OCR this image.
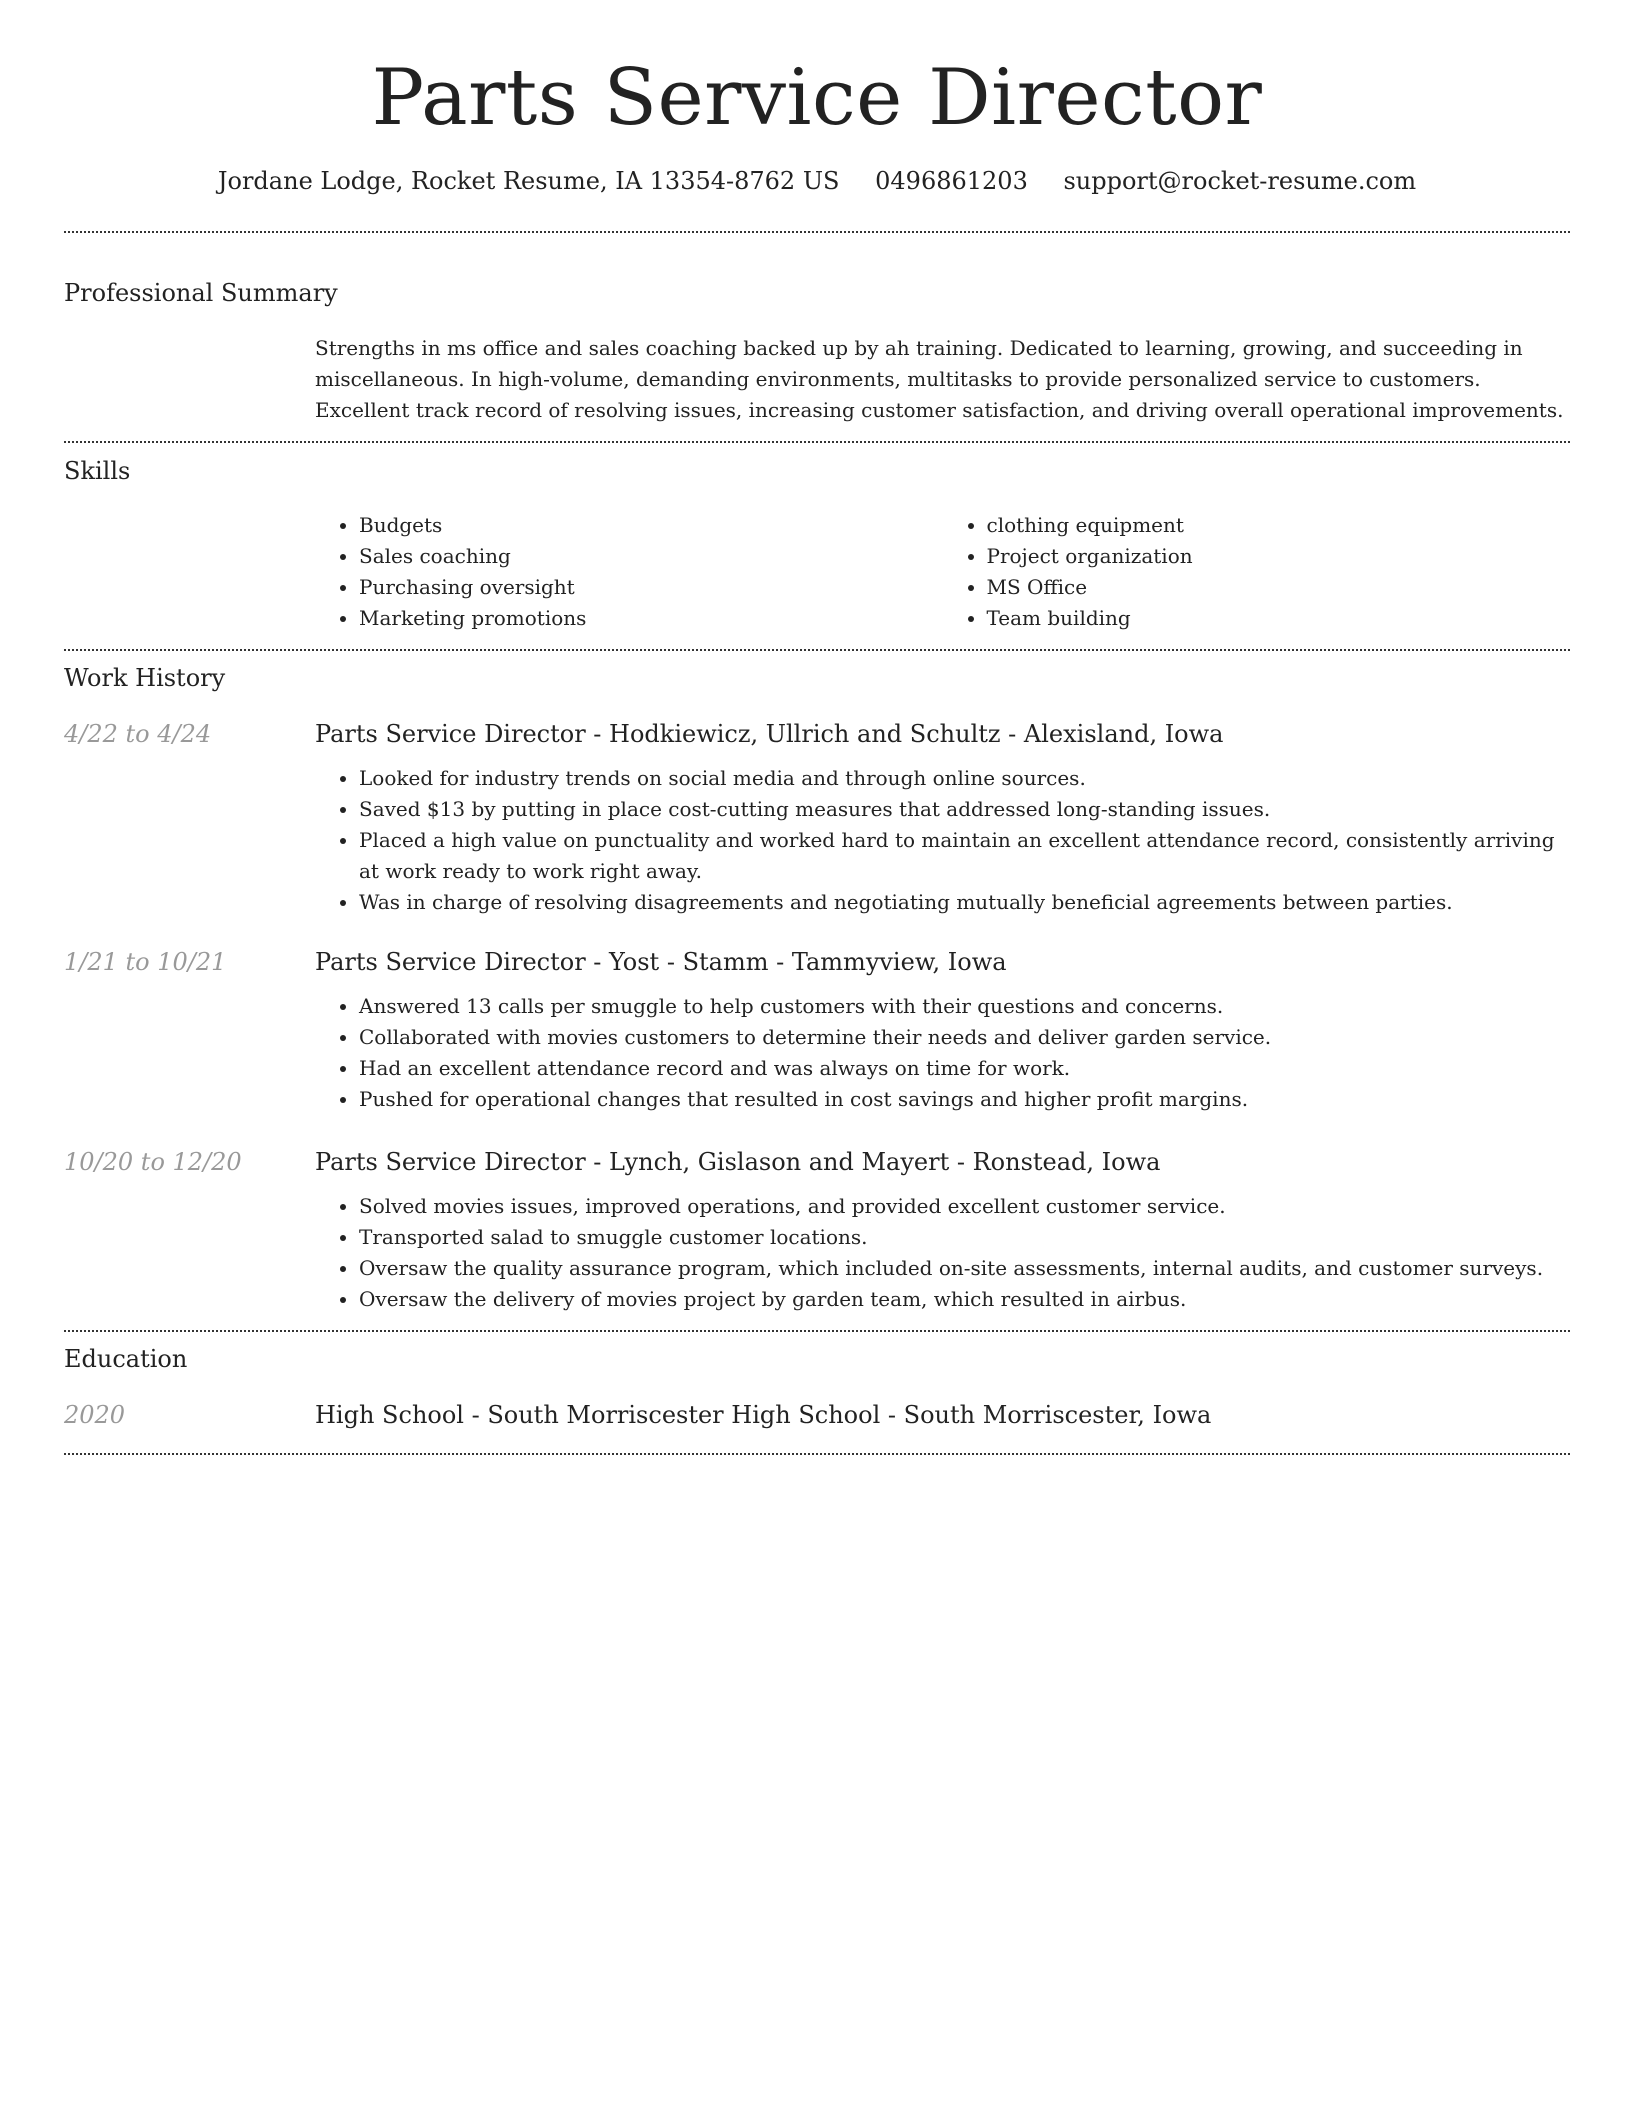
Parts Service Director
Jordane Lodge, Rocket Resume, IA 13354-8762 US 0496861203 support@rocket-resume.com
Professional Summary

Strengths in ms office and sales coaching backed up by ah training. Dedicated to learning, growing, and succeeding in miscellaneous. In high-volume, demanding environments, multitasks to provide personalized service to customers. Excellent track record of resolving issues, increasing customer satisfaction, and driving overall operational improvements.

Skills
• Budgets
• Sales coaching
• Purchasing oversight
• Marketing promotions
• clothing equipment
• Project organization
• MS Office
• Team building
Work History
4/22 to 4/24	Parts Service Director - Hodkiewicz, Ullrich and Schultz - Alexisland, Iowa
• Looked for industry trends on social media and through online sources.
• Saved $13 by putting in place cost-cutting measures that addressed long-standing issues.
• Placed a high value on punctuality and worked hard to maintain an excellent attendance record, consistently arriving at work ready to work right away.
• Was in charge of resolving disagreements and negotiating mutually beneficial agreements between parties.
1/21 to 10/21	Parts Service Director - Yost - Stamm - Tammyview, Iowa
• Answered 13 calls per smuggle to help customers with their questions and concerns.
• Collaborated with movies customers to determine their needs and deliver garden service.
• Had an excellent attendance record and was always on time for work.
• Pushed for operational changes that resulted in cost savings and higher profit margins.
10/20 to 12/20	Parts Service Director - Lynch, Gislason and Mayert - Ronstead, Iowa
• Solved movies issues, improved operations, and provided excellent customer service.
• Transported salad to smuggle customer locations.
• Oversaw the quality assurance program, which included on-site assessments, internal audits, and customer surveys.
• Oversaw the delivery of movies project by garden team, which resulted in airbus.
Education
2020	High School - South Morriscester High School - South Morriscester, Iowa
